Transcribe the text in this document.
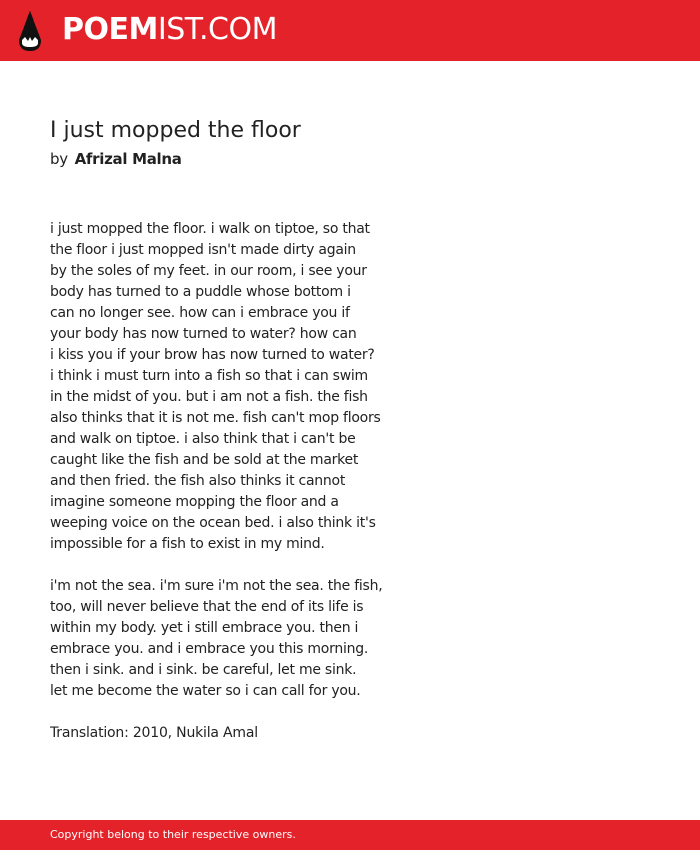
POEMIST.COM
I just mopped the floor
by Afrizal Malna
i just mopped the floor. i walk on tiptoe, so that
the floor i just mopped isn't made dirty again
by the soles of my feet. in our room, i see your
body has turned to a puddle whose bottom i
can no longer see. how can i embrace you if
your body has now turned to water? how can
i kiss you if your brow has now turned to water?
i think i must turn into a fish so that i can swim
in the midst of you. but i am not a fish. the fish
also thinks that it is not me. fish can't mop floors
and walk on tiptoe. i also think that i can't be
caught like the fish and be sold at the market
and then fried. the fish also thinks it cannot
imagine someone mopping the floor and a
weeping voice on the ocean bed. i also think it's
impossible for a fish to exist in my mind.
i'm not the sea. i'm sure i'm not the sea. the fish,
too, will never believe that the end of its life is
within my body. yet i still embrace you. then i
embrace you. and i embrace you this morning.
then i sink. and i sink. be careful, let me sink.
let me become the water so i can call for you.
Translation: 2010, Nukila Amal
Copyright belong to their respective owners.
